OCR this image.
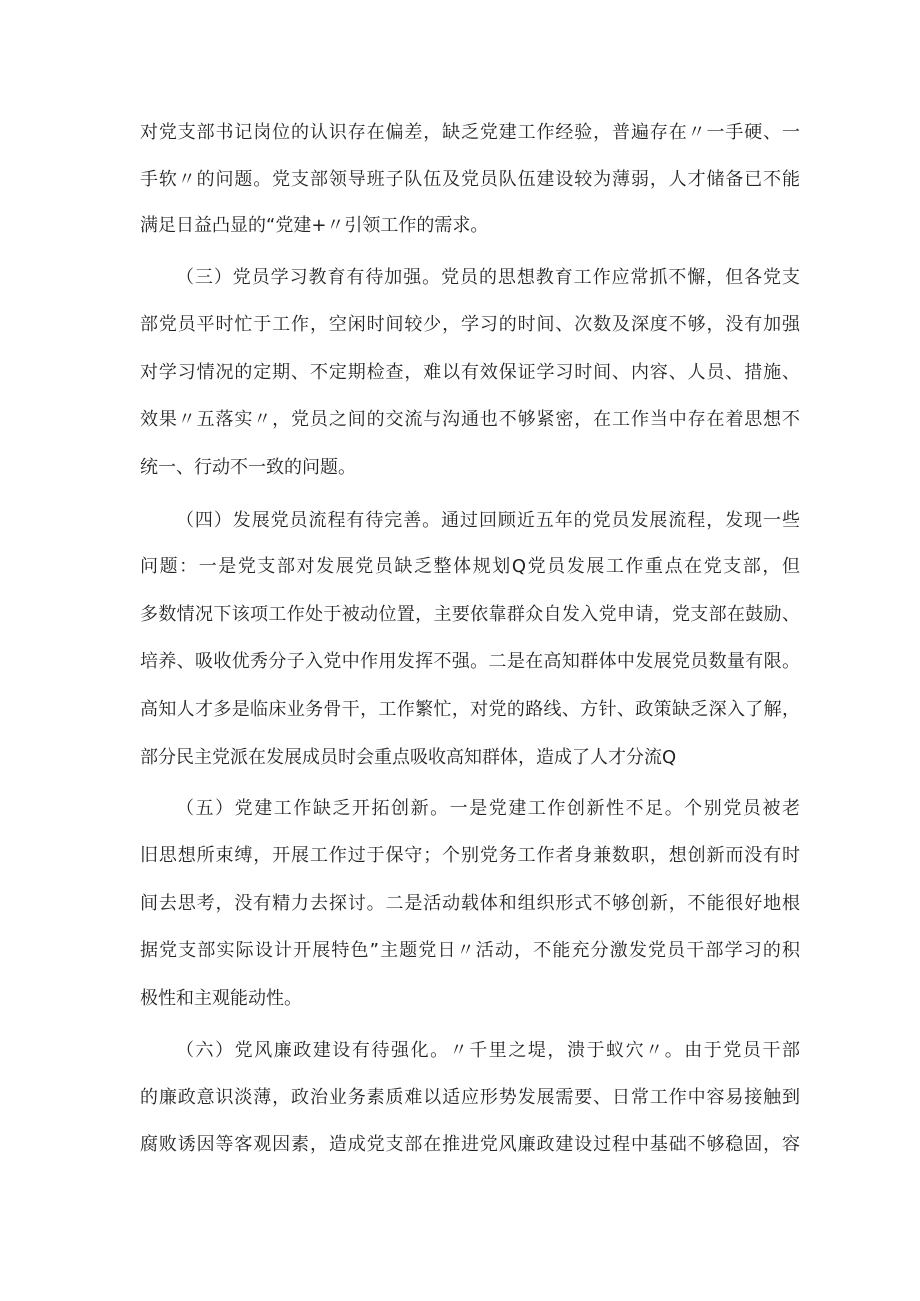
对党支部书记岗位的认识存在偏差，缺乏党建工作经验，普遍存在〃一手硬、一
手软〃的问题。党支部领导班子队伍及党员队伍建设较为薄弱，人才储备已不能
满足日益凸显的“党建+〃引领工作的需求。
（三）党员学习教育有待加强。党员的思想教育工作应常抓不懈，但各党支
部党员平时忙于工作，空闲时间较少，学习的时间、次数及深度不够，没有加强
对学习情况的定期、不定期检查，难以有效保证学习时间、内容、人员、措施、
效果〃五落实〃，党员之间的交流与沟通也不够紧密，在工作当中存在着思想不
统一、行动不一致的问题。
（四）发展党员流程有待完善。通过回顾近五年的党员发展流程，发现一些
问题：一是党支部对发展党员缺乏整体规划Q党员发展工作重点在党支部，但
多数情况下该项工作处于被动位置，主要依靠群众自发入党申请，党支部在鼓励、
培养、吸收优秀分子入党中作用发挥不强。二是在高知群体中发展党员数量有限。
高知人才多是临床业务骨干，工作繁忙，对党的路线、方针、政策缺乏深入了解，
部分民主党派在发展成员时会重点吸收高知群体，造成了人才分流Q
（五）党建工作缺乏开拓创新。一是党建工作创新性不足。个别党员被老
旧思想所束缚，开展工作过于保守；个别党务工作者身兼数职，想创新而没有时
间去思考，没有精力去探讨。二是活动载体和组织形式不够创新，不能很好地根
据党支部实际设计开展特色”主题党日〃活动，不能充分激发党员干部学习的积
极性和主观能动性。
（六）党风廉政建设有待强化。〃千里之堤，溃于蚁穴〃。由于党员干部
的廉政意识淡薄，政治业务素质难以适应形势发展需要、日常工作中容易接触到
腐败诱因等客观因素，造成党支部在推进党风廉政建设过程中基础不够稳固，容
